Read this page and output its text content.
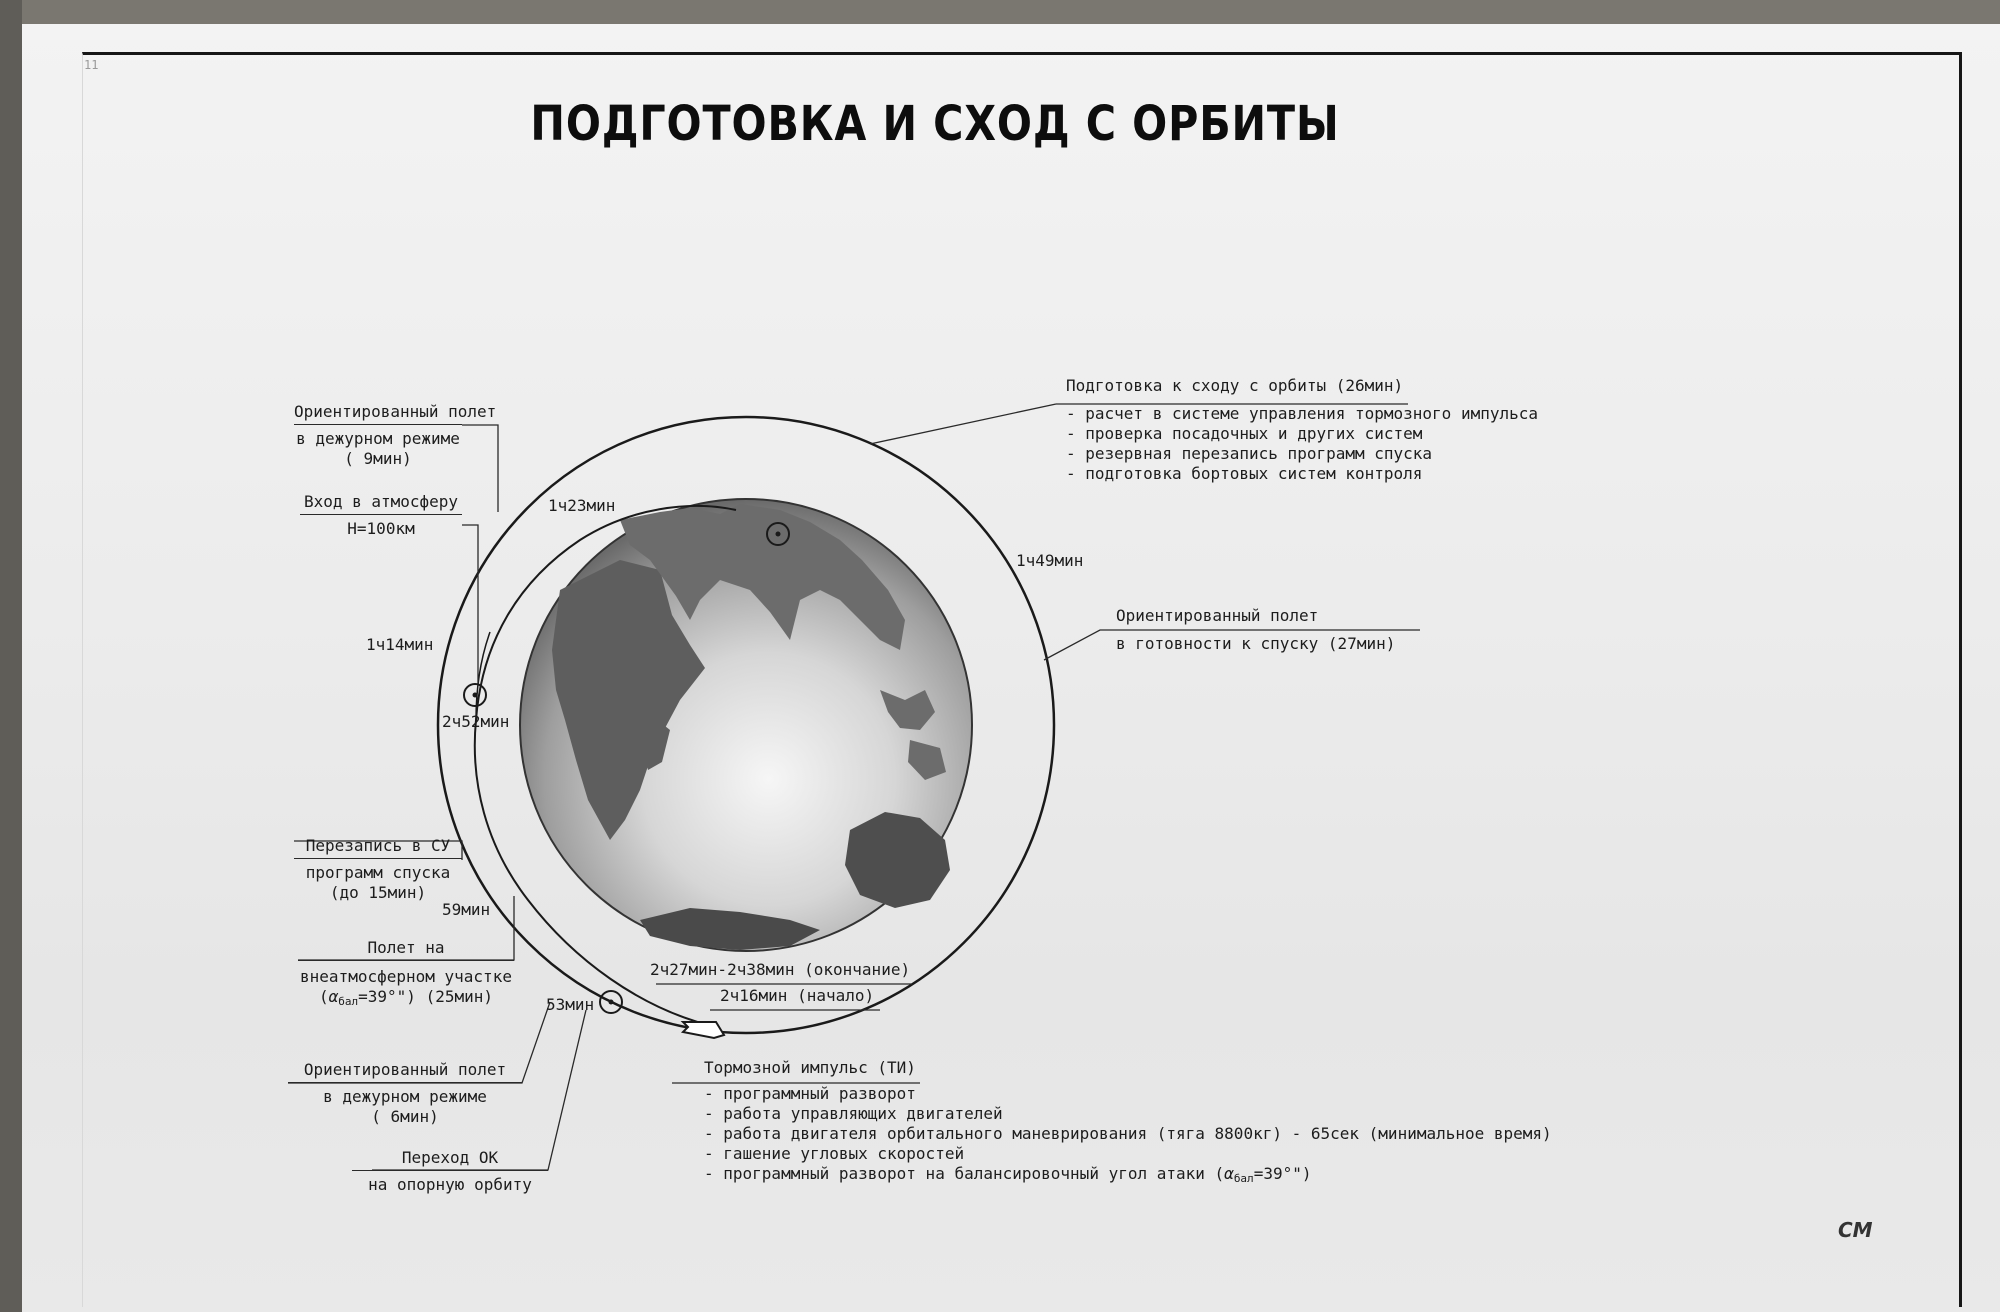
11
ПОДГОТОВКА И СХОД С ОРБИТЫ
Ориентированный полет
в дежурном режиме
( 9мин)
Вход в атмосферу
H=100км
1ч14мин
2ч52мин
Перезапись в СУ
программ спуска
(до 15мин)
59мин
Полет на
внеатмосферном участке
$(\alpha_{бал}=39^\circ")$ (25мин)	53мин
Ориентированный полет
в дежурном режиме
( 6мин)
Переход ОК
на опорную орбиту
1ч23мин
1ч49мин
Подготовка к сходу с орбиты (26мин)
- расчет в системе управления тормозного импульса
- проверка посадочных и других систем
- резервная перезапись программ спуска
- подготовка бортовых систем контроля
Ориентированный полет
в готовности к спуску (27мин)
2ч27мин-2ч38мин (окончание)
2ч16мин (начало)
Тормозной импульс (ТИ)
- программный разворот
- работа управляющих двигателей
- работа двигателя орбитального маневрирования (тяга 8800кг) - 65сек (минимальное время)
- гашение угловых скоростей
- программный разворот на балансировочный угол атаки $(\alpha_{бал}=39^\circ")$
СМ
